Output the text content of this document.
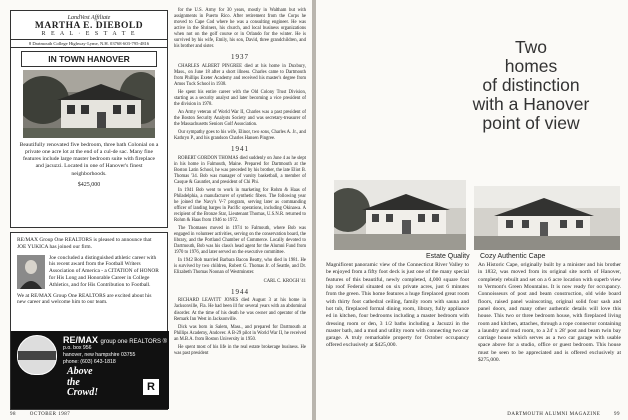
LandVest Affiliate
MARTHA E. DIEBOLD
R E A L · E S T A T E
8 Dartmouth College Highway·Lyme, N.H. 03768·603-795-4816
IN TOWN HANOVER
Beautifully renovated five bedroom, three bath Colonial on a private one acre lot at the end of a cul-de sac. Many fine features include large master bedroom suite with fireplace and jacuzzi. Located in one of Hanover's finest neighborhoods.
$425,000
RE/MAX Group One REALTORS is pleased to announce that JOE YUKICA has joined our firm.
Joe concluded a distinguished athletic career with his recent award from the Football Writers Association of America - a CITATION of HONOR for His Long and Honorable Career in College Athletics, and for His Contribution to Football.
We at RE/MAX Group One REALTORS are excited about his new career and welcome him to our team.
RE/MAX group one REALTORS ®
p.o. box 956
hanover, new hampshire 03755
phone: (603) 643-1818
Above
the
Crowd!	R

for the U.S. Army for 30 years, mostly in Waltham but with assignments in Puerto Rico. After retirement from the Corps he moved to Cape Cod where he was a consulting engineer. He was active in the Shriners, his church, and local business organizations when not on the golf course or in Orlando for the winter. He is survived by his wife, Emily, his son, David, three grandchildren, and his brother and sister.

1937

CHARLES ALBERT PINGREE died at his home in Duxbury, Mass., on June 18 after a short illness. Charles came to Dartmouth from Phillips Exeter Academy and received his master's degree from Amos Tuck School in 1938.

He spent his entire career with the Old Colony Trust Division, starting as a security analyst and later becoming a vice president of the division in 1978.

An Army veteran of World War II, Charles was a past president of the Boston Security Analysts Society and was secretary-treasurer of the Massachusetts Seniors Golf Association.

Our sympathy goes to his wife, Elinor, two sons, Charles A. Jr., and Kathryn P., and his grandson Charles Hansen Pingree.

1941

ROBERT GORDON THOMAS died suddenly on June 4 as he slept in his home in Falmouth, Maine. Prepared for Dartmouth at the Boston Latin School, he was preceded by his brother, the late Eliot B. Thomas '34. Bob was manager of varsity basketball, a member of Casque & Gauntlet, and president of Chi Phi.

In 1941 Bob went to work in marketing for Rohm & Haas of Philadelphia, a manufacturer of synthetic fibers. The following year he joined the Navy's V-7 program, serving later as commanding officer of landing barges in Pacific operations, including Okinawa. A recipient of the Bronze Star, Lieutenant Thomas, U.S.N.R. returned to Rohm & Haas from 1946 to 1972.

The Thomases moved in 1974 to Falmouth, where Bob was engaged in volunteer activities, serving on the conservation board, the library, and the Portland Chamber of Commerce. Locally devoted to Dartmouth, Bob was his class's head agent for the Alumni Fund from 1970 to 1976, and later served on the executive committee.

In 1942 Bob married Barbara Bacon Beatty, who died in 1981. He is survived by two children, Robert G. Thomas Jr. of Seattle, and Dr. Elizabeth Thomas Noonan of Westminster.

CARL C. KROGH '41

1944

RICHARD LEAVITT JONES died August 3 at his home in Jacksonville, Fla. He had been ill for several years with an abdominal disorder. At the time of his death he was owner and operator of the Remark Inn West in Jacksonville.

Dick was born in Salem, Mass., and prepared for Dartmouth at Phillips Academy, Andover. A B-29 pilot in World War II, he received an M.B.A. from Boston University in 1950.

He spent most of his life in the real estate brokerage business. He was past president

98	OCTOBER 1987
Two
homes
of distinction
with a Hanover
point of view
Estate Quality Cozy Authentic Cape
Magnificent panoramic view of the Connecticut River Valley to be enjoyed from a fifty foot deck is just one of the many special features of this beautiful, newly completed, 4,000 square foot hip roof Federal situated on six private acres, just 6 minutes from the green. This home features a huge fireplaced great room with thirty foot cathedral ceiling, family room with sauna and hot tub, fireplaced formal dining room, library, fully appliance ed in kitchen, four bedrooms including a master bedroom with dressing room or den, 3 1/2 baths including a Jacuzzi in the master bath, and a mud and utility room with connecting two car garage. A truly remarkable property for October occupancy offered exclusively at $425,000.
An Historic Cape, originally built by a minister and his brother in 1832, was moved from its original site north of Hanover, completely rebuilt and set on a 6 acre location with superb view to Vermont's Green Mountains. It is now ready for occupancy. Connoisseurs of post and beam construction, old wide board floors, raised panel wainscoting, original solid four sash and panel doors, and many other authentic details will love this house. This two or three bedroom house, with fireplaced living room and kitchen, attaches, through a rope connector containing a laundry and mud room, to a 24' x 28' post and beam twin bay carriage house which serves as a two car garage with usable space above for a studio, office or guest bedroom. This house must be seen to be appreciated and is offered exclusively at $275,000.
DARTMOUTH ALUMNI MAGAZINE	99
